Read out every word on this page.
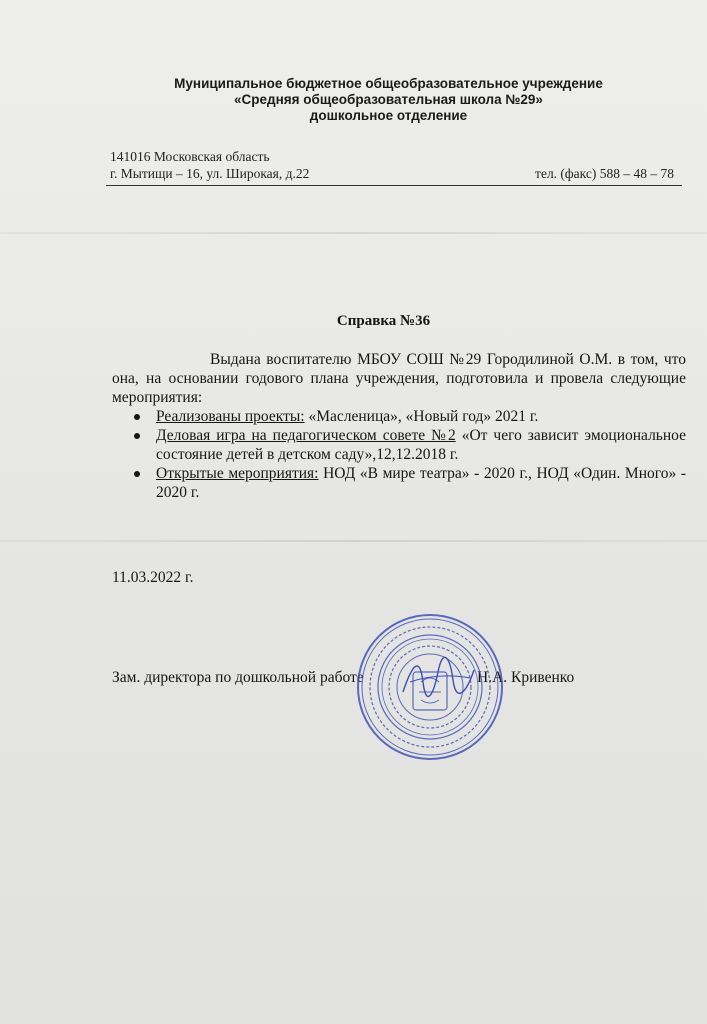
Муниципальное бюджетное общеобразовательное учреждение
«Средняя общеобразовательная школа №29»
дошкольное отделение
141016 Московская область
г. Мытищи – 16, ул. Широкая, д.22	тел. (факс) 588 – 48 – 78
Справка №36

Выдана воспитателю МБОУ СОШ №29 Городилиной О.М. в том, что она, на основании годового плана учреждения, подготовила и провела следующие мероприятия:

Реализованы проекты: «Масленица», «Новый год» 2021 г.
Деловая игра на педагогическом совете №2 «От чего зависит эмоциональное состояние детей в детском саду»,12,12.2018 г.
Открытые мероприятия: НОД «В мире театра» - 2020 г., НОД «Один. Много» - 2020 г.
11.03.2022 г.
Зам. директора по дошкольной работе	Н.А. Кривенко
